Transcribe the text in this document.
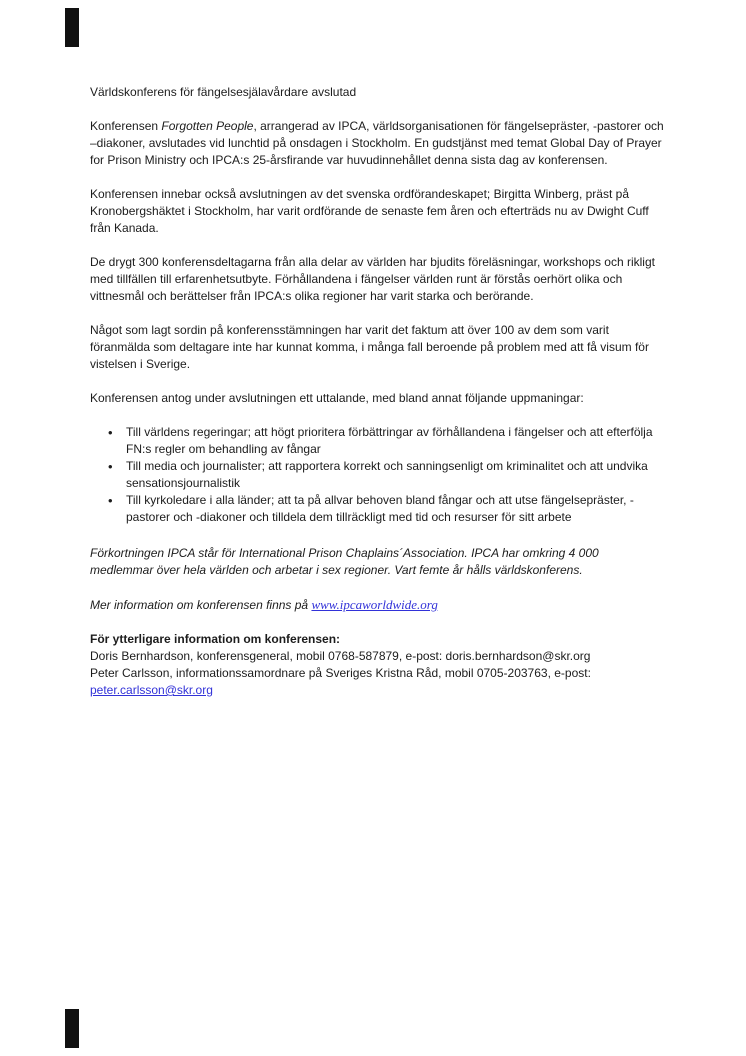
Världskonferens för fängelsesjälavårdare avslutad

Konferensen Forgotten People, arrangerad av IPCA, världsorganisationen för fängelsepräster, -pastorer och –diakoner, avslutades vid lunchtid på onsdagen i Stockholm. En gudstjänst med temat Global Day of Prayer for Prison Ministry och IPCA:s 25-årsfirande var huvudinnehållet denna sista dag av konferensen.

Konferensen innebar också avslutningen av det svenska ordförandeskapet; Birgitta Winberg, präst på Kronobergshäktet i Stockholm, har varit ordförande de senaste fem åren och efterträds nu av Dwight Cuff från Kanada.

De drygt 300 konferensdeltagarna från alla delar av världen har bjudits föreläsningar, workshops och rikligt med tillfällen till erfarenhetsutbyte. Förhållandena i fängelser världen runt är förstås oerhört olika och vittnesmål och berättelser från IPCA:s olika regioner har varit starka och berörande.

Något som lagt sordin på konferensstämningen har varit det faktum att över 100 av dem som varit föranmälda som deltagare inte har kunnat komma, i många fall beroende på problem med att få visum för vistelsen i Sverige.

Konferensen antog under avslutningen ett uttalande, med bland annat följande uppmaningar:

• Till världens regeringar; att högt prioritera förbättringar av förhållandena i fängelser och att efterfölja FN:s regler om behandling av fångar
• Till media och journalister; att rapportera korrekt och sanningsenligt om kriminalitet och att undvika sensationsjournalistik
• Till kyrkoledare i alla länder; att ta på allvar behoven bland fångar och att utse fängelsepräster, -pastorer och -diakoner och tilldela dem tillräckligt med tid och resurser för sitt arbete

Förkortningen IPCA står för International Prison Chaplains´Association. IPCA har omkring 4 000 medlemmar över hela världen och arbetar i sex regioner. Vart femte år hålls världskonferens.

Mer information om konferensen finns på www.ipcaworldwide.org

För ytterligare information om konferensen:

Doris Bernhardson, konferensgeneral, mobil 0768-587879, e-post: doris.bernhardson@skr.org

Peter Carlsson, informationssamordnare på Sveriges Kristna Råd, mobil 0705-203763, e-post:

peter.carlsson@skr.org
